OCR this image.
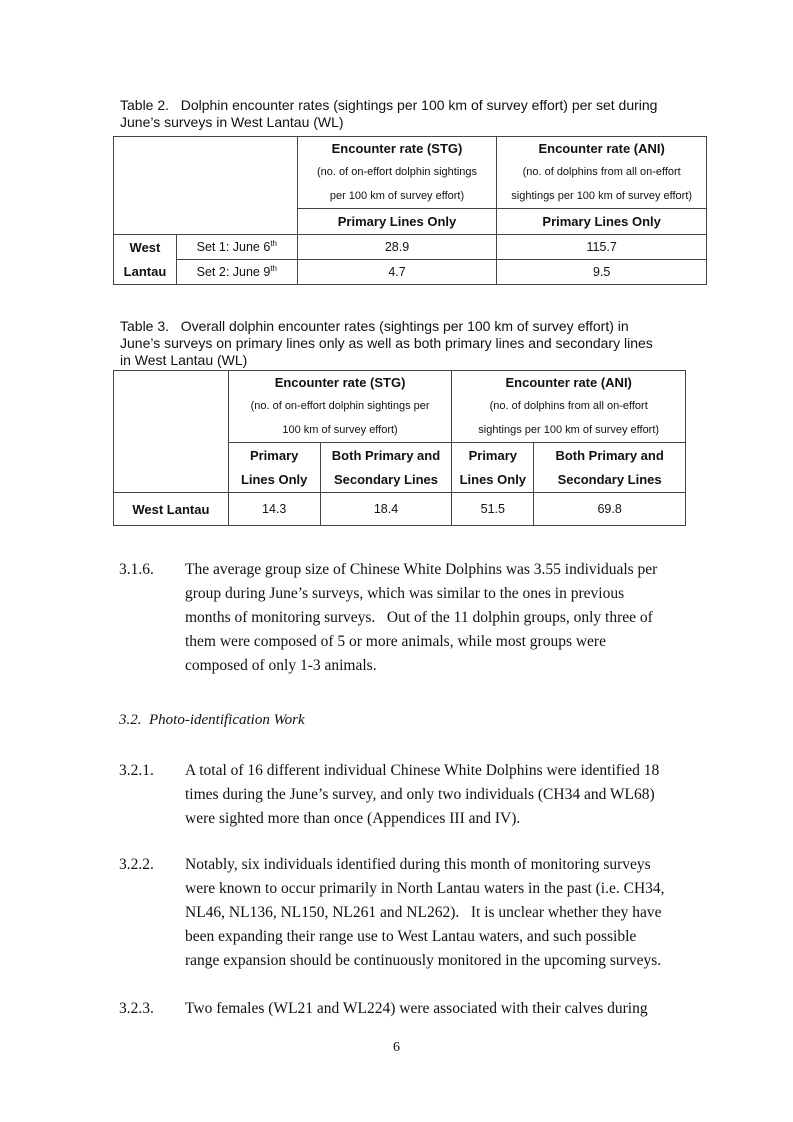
Table 2.   Dolphin encounter rates (sightings per 100 km of survey effort) per set during
June’s surveys in West Lantau (WL)
		Encounter rate (STG)	Encounter rate (ANI)
		(no. of on-effort dolphin sightings	(no. of dolphins from all on-effort
		per 100 km of survey effort)	sightings per 100 km of survey effort)
		Primary Lines Only	Primary Lines Only
West	Set 1: June 6th	28.9	115.7
Lantau	Set 2: June 9th	4.7	9.5
Table 3.   Overall dolphin encounter rates (sightings per 100 km of survey effort) in
June’s surveys on primary lines only as well as both primary lines and secondary lines
in West Lantau (WL)
	Encounter rate (STG)		Encounter rate (ANI)	
	(no. of on-effort dolphin sightings per		(no. of dolphins from all on-effort	
	100 km of survey effort)		sightings per 100 km of survey effort)	
	Primary	Both Primary and	Primary	Both Primary and
	Lines Only	Secondary Lines	Lines Only	Secondary Lines
West Lantau	14.3	18.4	51.5	69.8
3.1.6. The average group size of Chinese White Dolphins was 3.55 individuals per
group during June’s surveys, which was similar to the ones in previous
months of monitoring surveys.   Out of the 11 dolphin groups, only three of
them were composed of 5 or more animals, while most groups were
composed of only 1-3 animals.
3.2.  Photo-identification Work
3.2.1. A total of 16 different individual Chinese White Dolphins were identified 18
times during the June’s survey, and only two individuals (CH34 and WL68)
were sighted more than once (Appendices III and IV).
3.2.2. Notably, six individuals identified during this month of monitoring surveys
were known to occur primarily in North Lantau waters in the past (i.e. CH34,
NL46, NL136, NL150, NL261 and NL262).   It is unclear whether they have
been expanding their range use to West Lantau waters, and such possible
range expansion should be continuously monitored in the upcoming surveys.
3.2.3. Two females (WL21 and WL224) were associated with their calves during
6
